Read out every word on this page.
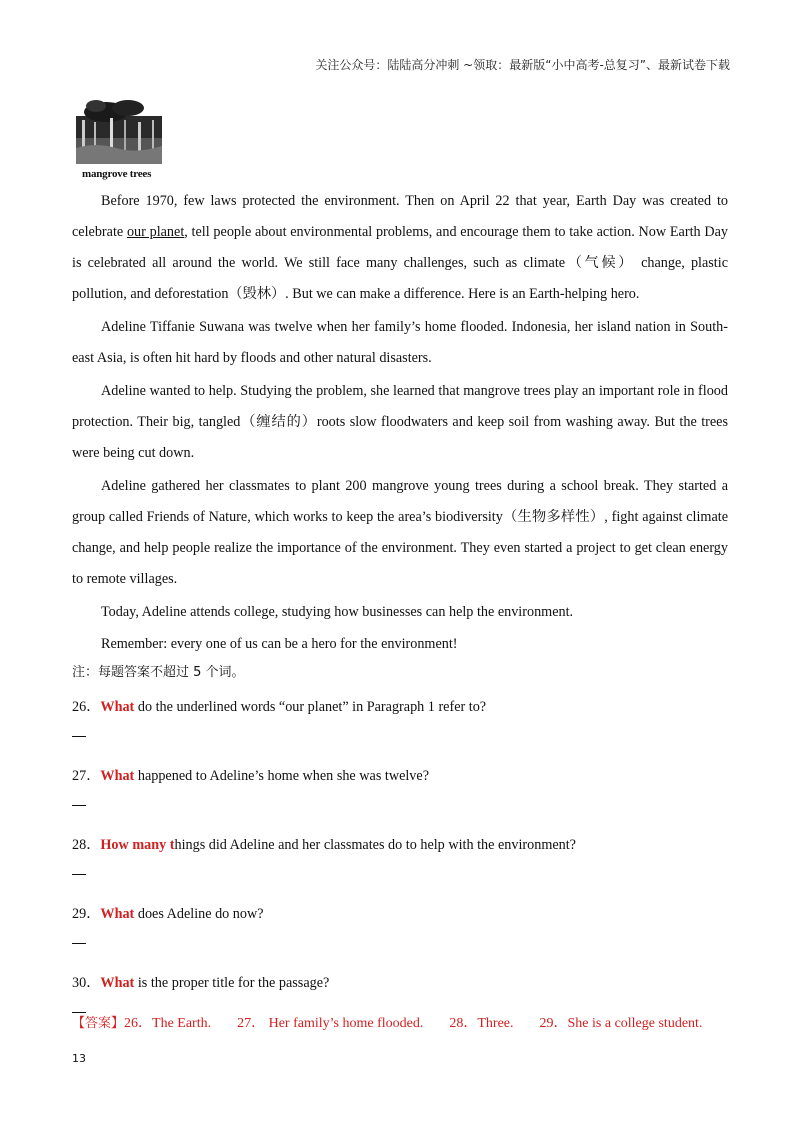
关注公众号：陆陆高分冲刺 ~领取：最新版“小中高考-总复习”、最新试卷下载
mangrove trees

Before 1970, few laws protected the environment. Then on April 22 that year, Earth Day was created to celebrate our planet, tell people about environmental problems, and encourage them to take action. Now Earth Day is celebrated all around the world. We still face many challenges, such as climate（气候） change, plastic pollution, and deforestation（毁林）. But we can make a difference. Here is an Earth-helping hero.

Adeline Tiffanie Suwana was twelve when her family’s home flooded. Indonesia, her island nation in South-east Asia, is often hit hard by floods and other natural disasters.

Adeline wanted to help. Studying the problem, she learned that mangrove trees play an important role in flood protection. Their big, tangled（缠结的）roots slow floodwaters and keep soil from washing away. But the trees were being cut down.

Adeline gathered her classmates to plant 200 mangrove young trees during a school break. They started a group called Friends of Nature, which works to keep the area’s biodiversity（生物多样性）, fight against climate change, and help people realize the importance of the environment. They even started a project to get clean energy to remote villages.

Today, Adeline attends college, studying how businesses can help the environment.

Remember: every one of us can be a hero for the environment!

注：每题答案不超过 5 个词。
26．What do the underlined words “our planet” in Paragraph 1 refer to?
27．What happened to Adeline’s home when she was twelve?
28．How many things did Adeline and her classmates do to help with the environment?
29．What does Adeline do now?
30．What is the proper title for the passage?
【答案】26．The Earth. 27． Her family’s home flooded. 28．Three. 29．She is a college student.
13
